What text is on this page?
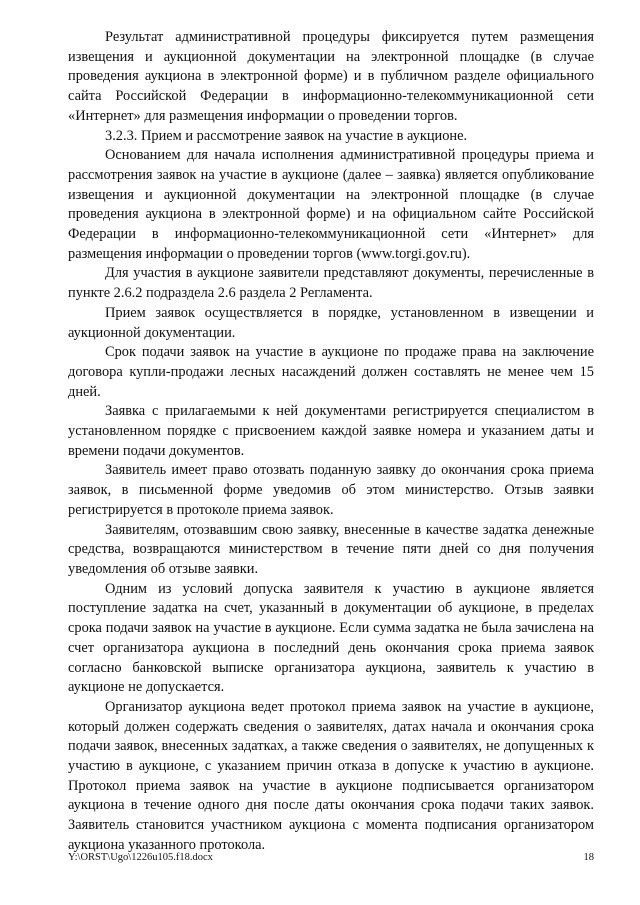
Результат административной процедуры фиксируется путем размещения извещения и аукционной документации на электронной площадке (в случае проведения аукциона в электронной форме) и в публичном разделе официального сайта Российской Федерации в информационно-телекоммуникационной сети «Интернет» для размещения информации о проведении торгов.

3.2.3. Прием и рассмотрение заявок на участие в аукционе.

Основанием для начала исполнения административной процедуры приема и рассмотрения заявок на участие в аукционе (далее – заявка) является опубликование извещения и аукционной документации на электронной площадке (в случае проведения аукциона в электронной форме) и на официальном сайте Российской Федерации в информационно-телекоммуникационной сети «Интернет» для размещения информации о проведении торгов (www.torgi.gov.ru).

Для участия в аукционе заявители представляют документы, перечисленные в пункте 2.6.2 подраздела 2.6 раздела 2 Регламента.

Прием заявок осуществляется в порядке, установленном в извещении и аукционной документации.

Срок подачи заявок на участие в аукционе по продаже права на заключение договора купли-продажи лесных насаждений должен составлять не менее чем 15 дней.

Заявка с прилагаемыми к ней документами регистрируется специалистом в установленном порядке с присвоением каждой заявке номера и указанием даты и времени подачи документов.

Заявитель имеет право отозвать поданную заявку до окончания срока приема заявок, в письменной форме уведомив об этом министерство. Отзыв заявки регистрируется в протоколе приема заявок.

Заявителям, отозвавшим свою заявку, внесенные в качестве задатка денежные средства, возвращаются министерством в течение пяти дней со дня получения уведомления об отзыве заявки.

Одним из условий допуска заявителя к участию в аукционе является поступление задатка на счет, указанный в документации об аукционе, в пределах срока подачи заявок на участие в аукционе. Если сумма задатка не была зачислена на счет организатора аукциона в последний день окончания срока приема заявок согласно банковской выписке организатора аукциона, заявитель к участию в аукционе не допускается.

Организатор аукциона ведет протокол приема заявок на участие в аукционе, который должен содержать сведения о заявителях, датах начала и окончания срока подачи заявок, внесенных задатках, а также сведения о заявителях, не допущенных к участию в аукционе, с указанием причин отказа в допуске к участию в аукционе. Протокол приема заявок на участие в аукционе подписывается организатором аукциона в течение одного дня после даты окончания срока подачи таких заявок. Заявитель становится участником аукциона с момента подписания организатором аукциона указанного протокола.

Y:\ORST\Ugo\1226u105.f18.docx	18
